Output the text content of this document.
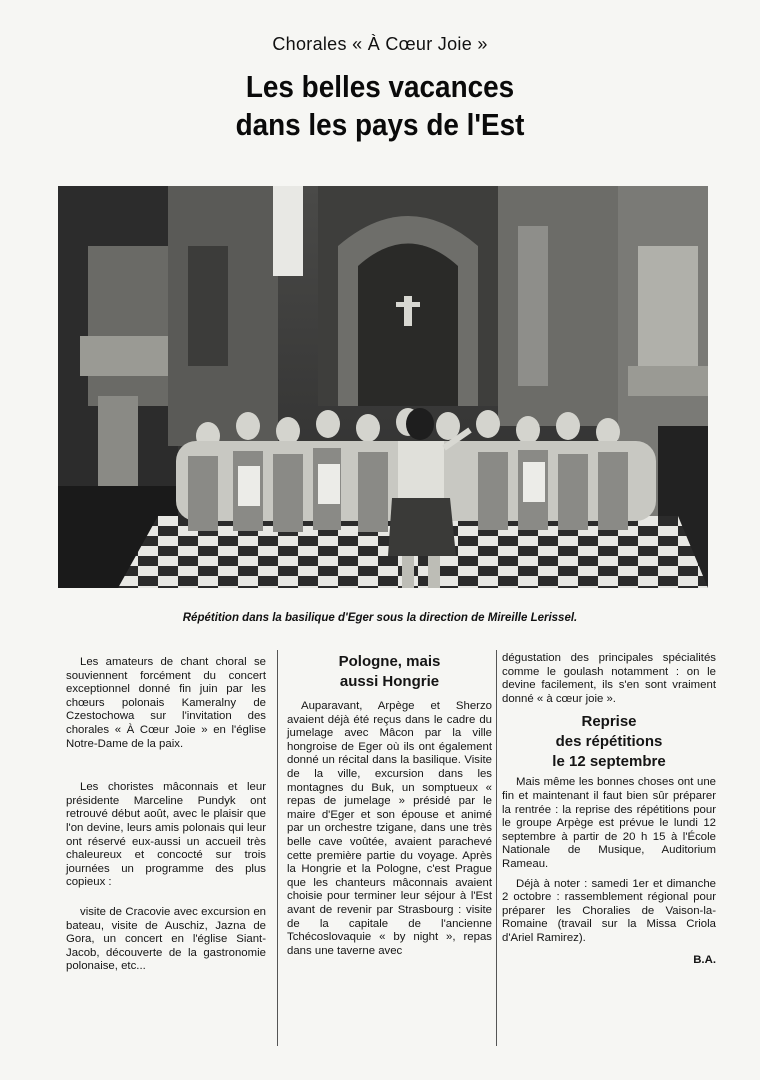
Chorales « À Cœur Joie »
Les belles vacances
dans les pays de l'Est
Répétition dans la basilique d'Eger sous la direction de Mireille Lerissel.

Les amateurs de chant choral se souviennent forcément du concert exceptionnel donné fin juin par les chœurs polonais Kameralny de Czestochowa sur l'invitation des chorales « À Cœur Joie » en l'église Notre-Dame de la paix.

Les choristes mâconnais et leur présidente Marceline Pundyk ont retrouvé début août, avec le plaisir que l'on devine, leurs amis polonais qui leur ont réservé eux-aussi un accueil très chaleureux et concocté sur trois journées un programme des plus copieux :

visite de Cracovie avec excursion en bateau, visite de Auschiz, Jazna de Gora, un concert en l'église Siant-Jacob, découverte de la gastronomie polonaise, etc...

Pologne, mais

aussi Hongrie

Auparavant, Arpège et Sherzo avaient déjà été reçus dans le cadre du jumelage avec Mâcon par la ville hongroise de Eger où ils ont également donné un récital dans la basilique. Visite de la ville, excursion dans les montagnes du Buk, un somptueux « repas de jumelage » présidé par le maire d'Eger et son épouse et animé par un orchestre tzigane, dans une très belle cave voûtée, avaient parachevé cette première partie du voyage. Après la Hongrie et la Pologne, c'est Prague que les chanteurs mâconnais avaient choisie pour terminer leur séjour à l'Est avant de revenir par Strasbourg : visite de la capitale de l'ancienne Tchécoslovaquie « by night », repas dans une taverne avec

dégustation des principales spécialités comme le goulash notamment : on le devine facilement, ils s'en sont vraiment donné « à cœur joie ».

Reprise

des répétitions

le 12 septembre

Mais même les bonnes choses ont une fin et maintenant il faut bien sûr préparer la rentrée : la reprise des répétitions pour le groupe Arpège est prévue le lundi 12 septembre à partir de 20 h 15 à l'École Nationale de Musique, Auditorium Rameau.

Déjà à noter : samedi 1er et dimanche 2 octobre : rassemblement régional pour préparer les Choralies de Vaison-la-Romaine (travail sur la Missa Criola d'Ariel Ramirez).

B.A.
